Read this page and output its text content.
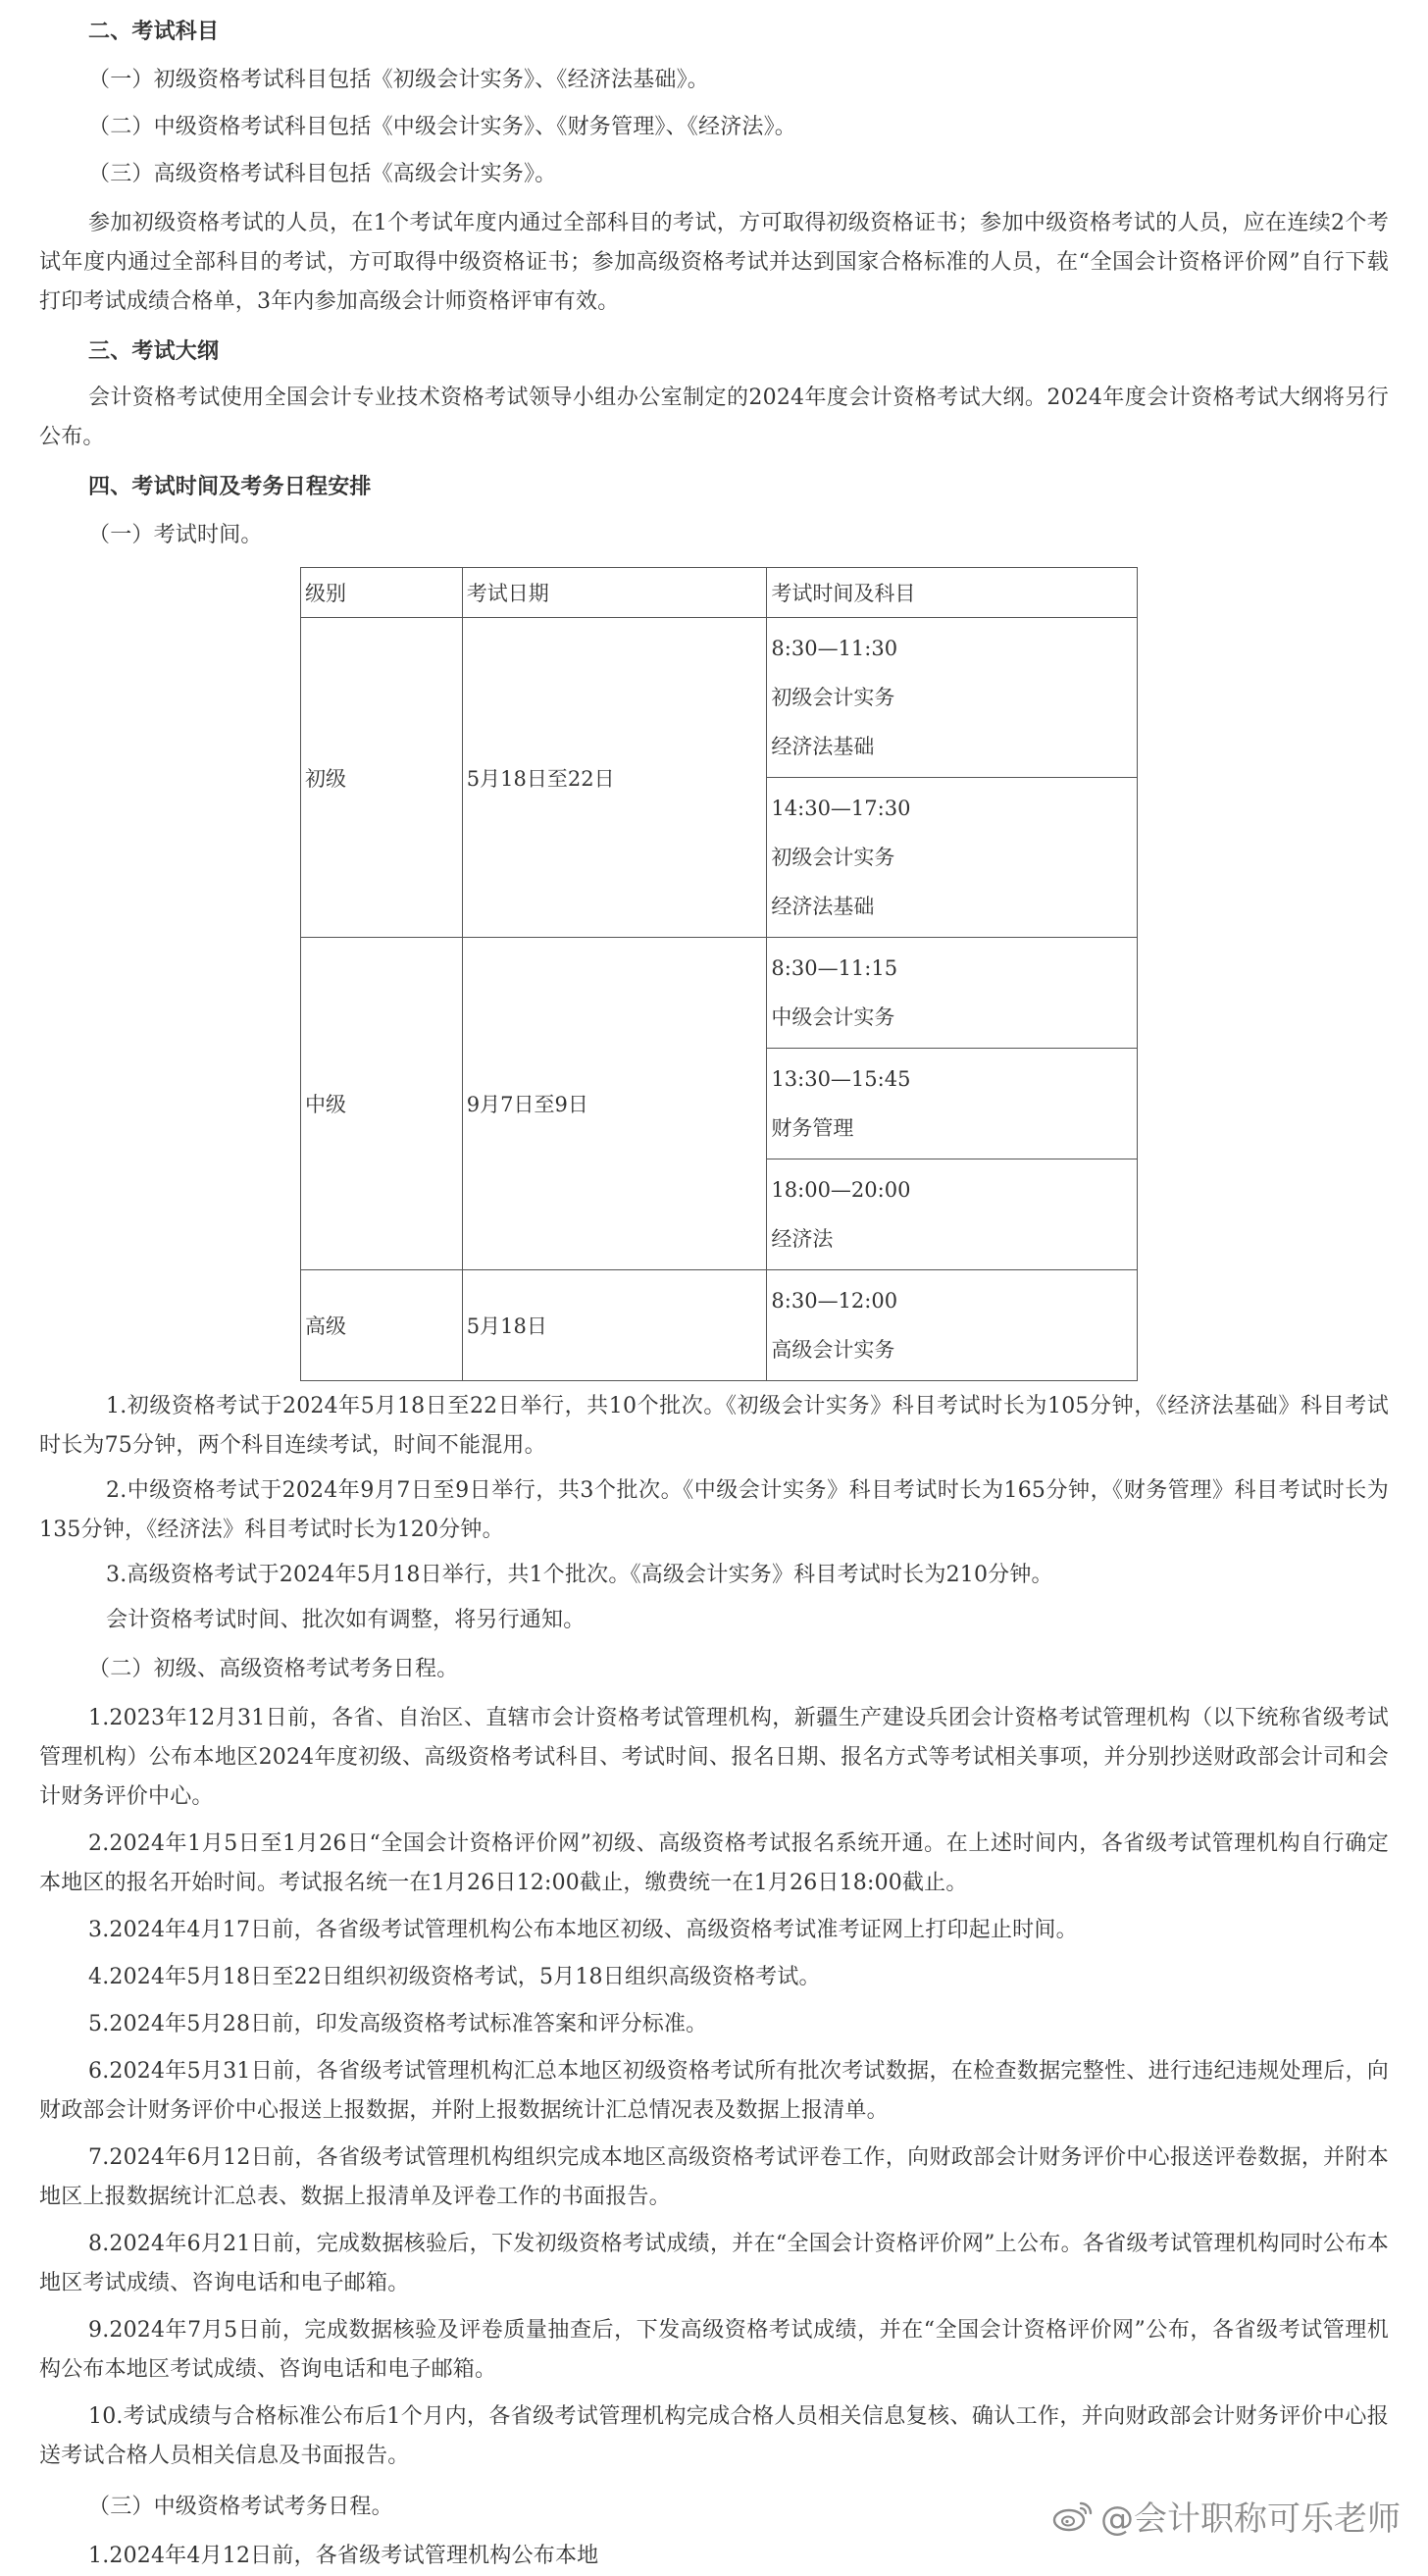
二、考试科目

（一）初级资格考试科目包括《初级会计实务》、《经济法基础》。

（二）中级资格考试科目包括《中级会计实务》、《财务管理》、《经济法》。

（三）高级资格考试科目包括《高级会计实务》。

参加初级资格考试的人员，在1个考试年度内通过全部科目的考试，方可取得初级资格证书；参加中级资格考试的人员，应在连续2个考试年度内通过全部科目的考试，方可取得中级资格证书；参加高级资格考试并达到国家合格标准的人员，在“全国会计资格评价网”自行下载打印考试成绩合格单，3年内参加高级会计师资格评审有效。

三、考试大纲

会计资格考试使用全国会计专业技术资格考试领导小组办公室制定的2024年度会计资格考试大纲。2024年度会计资格考试大纲将另行公布。

四、考试时间及考务日程安排

（一）考试时间。

级别	考试日期	考试时间及科目
初级	5月18日至22日	8:30—11:30
初级会计实务
经济法基础

		14:30—17:30
初级会计实务
经济法基础

中级	9月7日至9日	8:30—11:15
中级会计实务

		13:30—15:45
财务管理

		18:00—20:00
经济法

高级	5月18日	8:30—12:00
高级会计实务

1.初级资格考试于2024年5月18日至22日举行，共10个批次。《初级会计实务》科目考试时长为105分钟，《经济法基础》科目考试时长为75分钟，两个科目连续考试，时间不能混用。

2.中级资格考试于2024年9月7日至9日举行，共3个批次。《中级会计实务》科目考试时长为165分钟，《财务管理》科目考试时长为135分钟，《经济法》科目考试时长为120分钟。

3.高级资格考试于2024年5月18日举行，共1个批次。《高级会计实务》科目考试时长为210分钟。

会计资格考试时间、批次如有调整，将另行通知。

（二）初级、高级资格考试考务日程。

1.2023年12月31日前，各省、自治区、直辖市会计资格考试管理机构，新疆生产建设兵团会计资格考试管理机构（以下统称省级考试管理机构）公布本地区2024年度初级、高级资格考试科目、考试时间、报名日期、报名方式等考试相关事项，并分别抄送财政部会计司和会计财务评价中心。

2.2024年1月5日至1月26日“全国会计资格评价网”初级、高级资格考试报名系统开通。在上述时间内，各省级考试管理机构自行确定本地区的报名开始时间。考试报名统一在1月26日12:00截止，缴费统一在1月26日18:00截止。

3.2024年4月17日前，各省级考试管理机构公布本地区初级、高级资格考试准考证网上打印起止时间。

4.2024年5月18日至22日组织初级资格考试，5月18日组织高级资格考试。

5.2024年5月28日前，印发高级资格考试标准答案和评分标准。

6.2024年5月31日前，各省级考试管理机构汇总本地区初级资格考试所有批次考试数据，在检查数据完整性、进行违纪违规处理后，向财政部会计财务评价中心报送上报数据，并附上报数据统计汇总情况表及数据上报清单。

7.2024年6月12日前，各省级考试管理机构组织完成本地区高级资格考试评卷工作，向财政部会计财务评价中心报送评卷数据，并附本地区上报数据统计汇总表、数据上报清单及评卷工作的书面报告。

8.2024年6月21日前，完成数据核验后，下发初级资格考试成绩，并在“全国会计资格评价网”上公布。各省级考试管理机构同时公布本地区考试成绩、咨询电话和电子邮箱。

9.2024年7月5日前，完成数据核验及评卷质量抽查后，下发高级资格考试成绩，并在“全国会计资格评价网”公布，各省级考试管理机构公布本地区考试成绩、咨询电话和电子邮箱。

10.考试成绩与合格标准公布后1个月内，各省级考试管理机构完成合格人员相关信息复核、确认工作，并向财政部会计财务评价中心报送考试合格人员相关信息及书面报告。

（三）中级资格考试考务日程。

1.2024年4月12日前，各省级考试管理机构公布本地

@会计职称可乐老师
